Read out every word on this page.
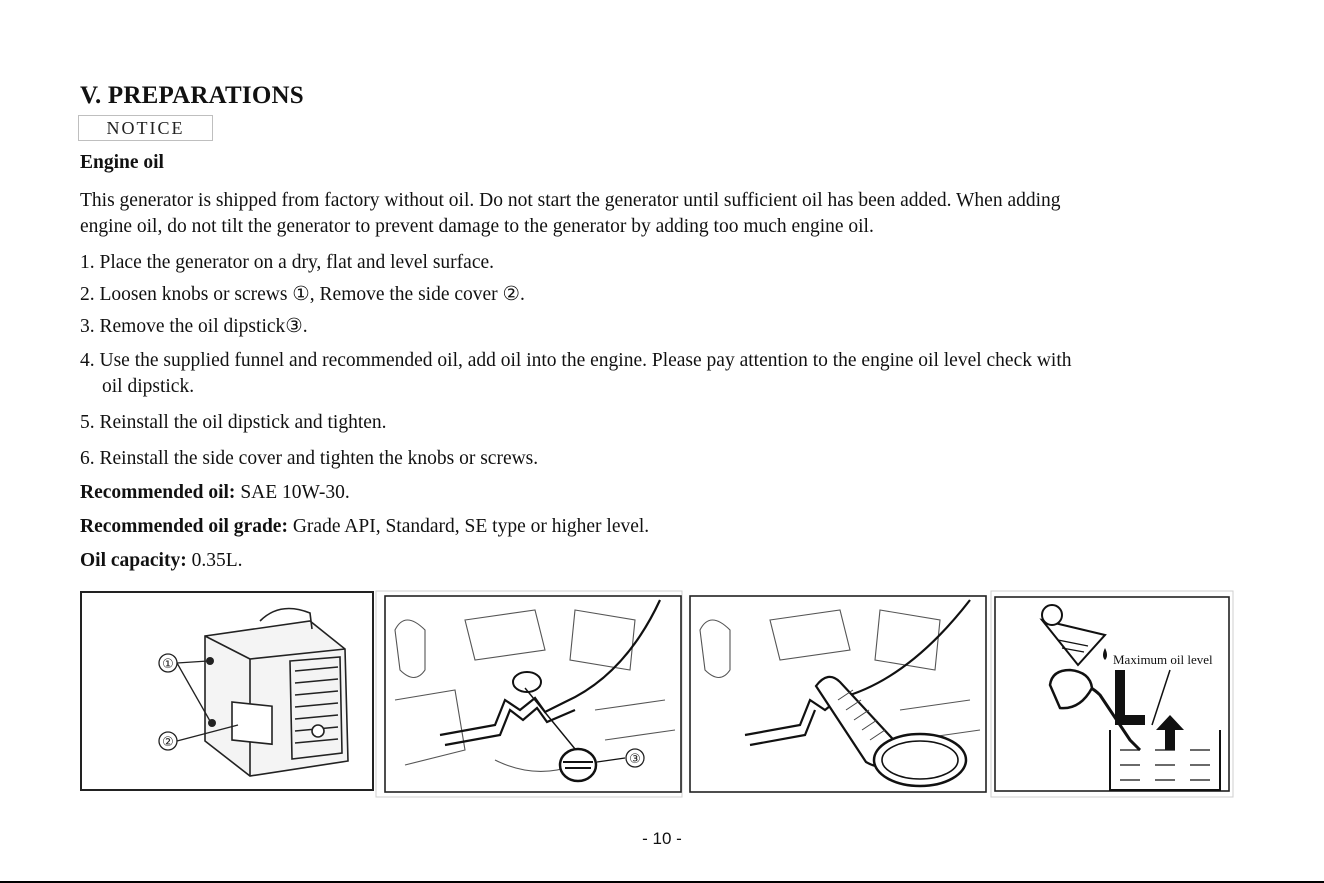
V. PREPARATIONS
NOTICE
Engine oil
This generator is shipped from factory without oil. Do not start the generator until sufficient oil has been added. When adding
engine oil, do not tilt the generator to prevent damage to the generator by adding too much engine oil.
1. Place the generator on a dry, flat and level surface.
2. Loosen knobs or screws ①, Remove the side cover ②.
3. Remove the oil dipstick③.
4. Use the supplied funnel and recommended oil, add oil into the engine. Please pay attention to the engine oil level check with
oil dipstick.
5. Reinstall the oil dipstick and tighten.
6. Reinstall the side cover and tighten the knobs or screws.
Recommended oil: SAE 10W-30.
Recommended oil grade: Grade API, Standard, SE type or higher level.
Oil capacity: 0.35L.
①
②
③
Maximum oil level
- 10 -
